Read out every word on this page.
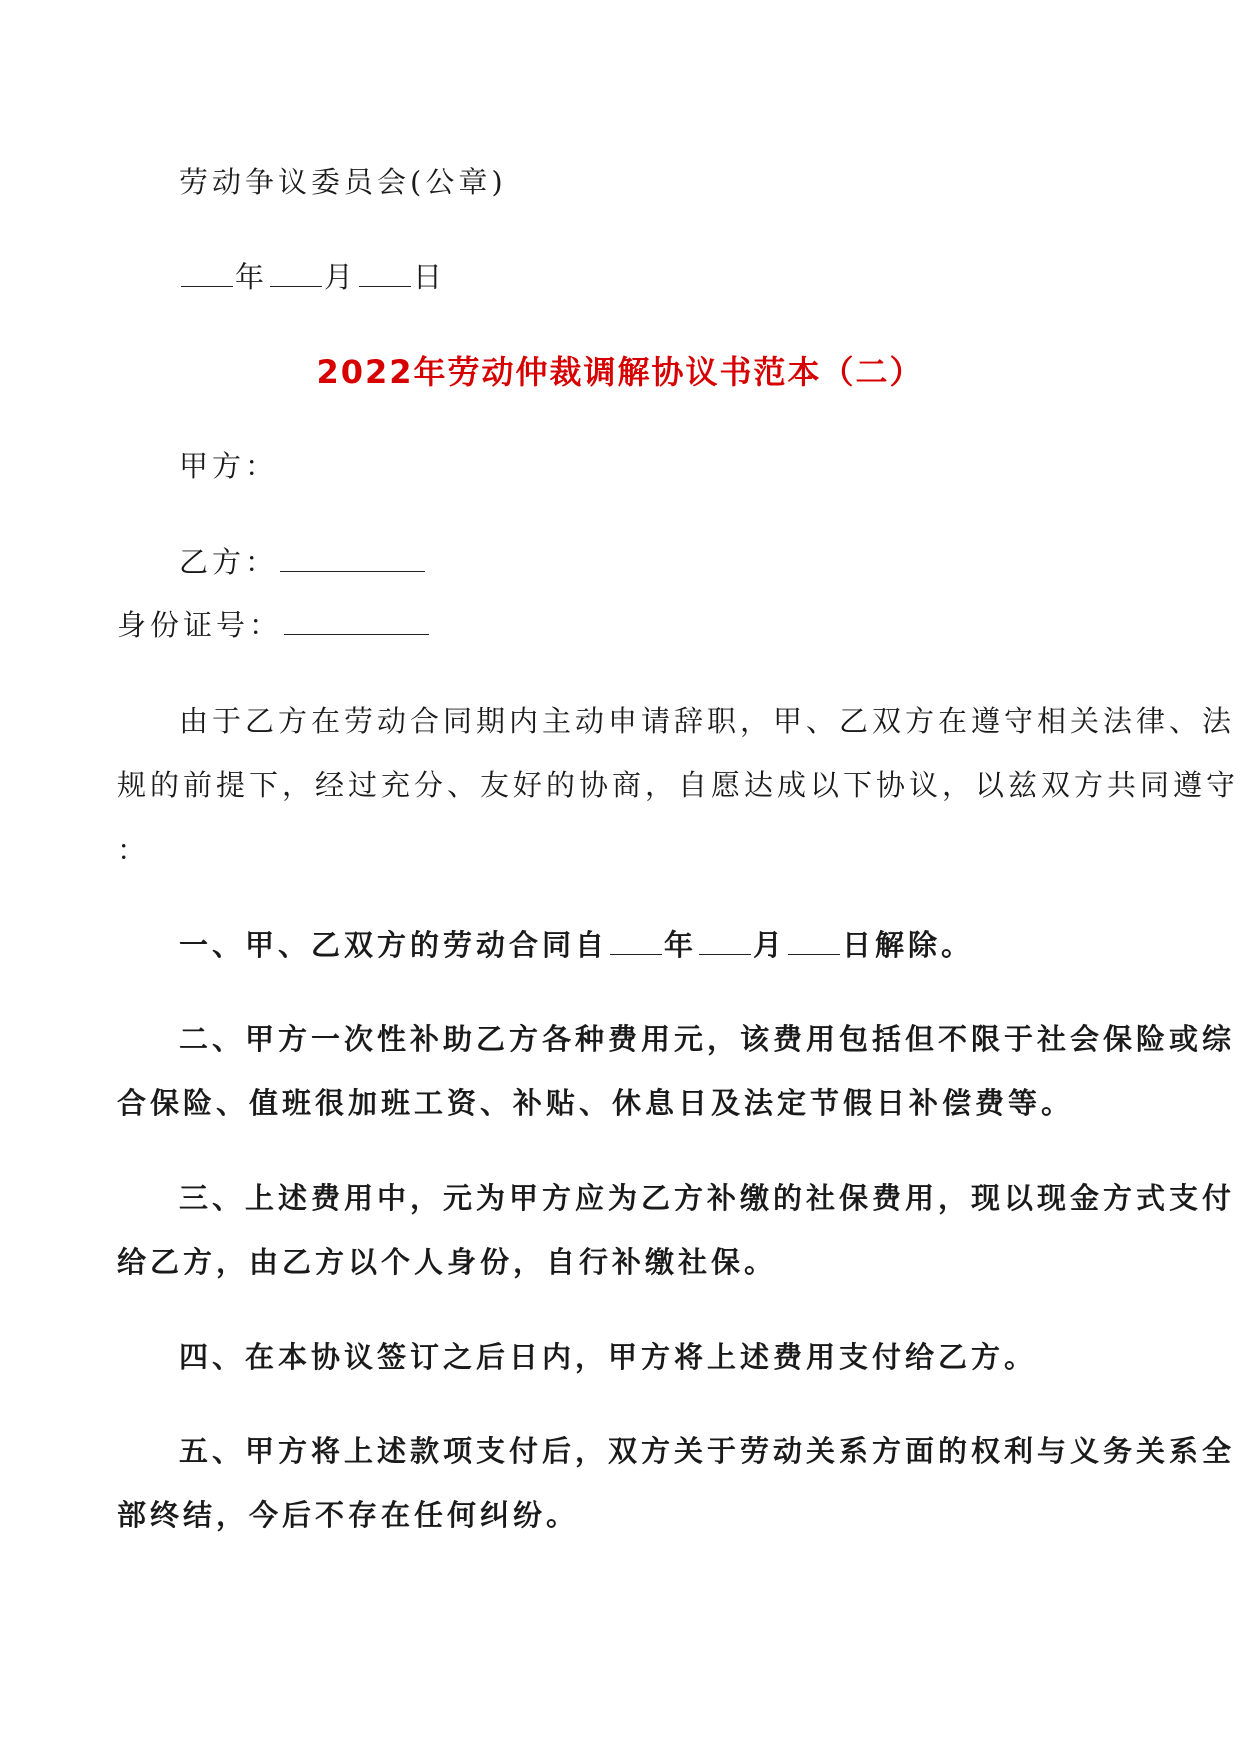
劳动争议委员会(公章)
年 月 日
2022年劳动仲裁调解协议书范本（二）
甲方：
乙方：
身份证号：
由于乙方在劳动合同期内主动申请辞职，甲、乙双方在遵守相关法律、法
规的前提下，经过充分、友好的协商，自愿达成以下协议，以兹双方共同遵守
：
一、甲、乙双方的劳动合同自 年 月 日解除。
二、甲方一次性补助乙方各种费用元，该费用包括但不限于社会保险或综
合保险、值班很加班工资、补贴、休息日及法定节假日补偿费等。
三、上述费用中，元为甲方应为乙方补缴的社保费用，现以现金方式支付
给乙方，由乙方以个人身份，自行补缴社保。
四、在本协议签订之后日内，甲方将上述费用支付给乙方。
五、甲方将上述款项支付后，双方关于劳动关系方面的权利与义务关系全
部终结，今后不存在任何纠纷。
